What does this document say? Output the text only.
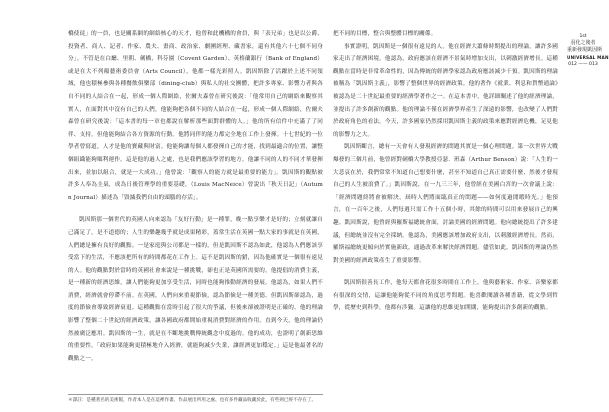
橋使徒」的一員，也是關系網的網絡核心的天才，他曾和此機構的會員，與「表兄弟」也是以公爵、投資者、商人、記者、作家、農夫、畫商、政治家、劇團經理、藏書家，還有其他六十七個不同身分」。不管是在白廳、里朝、劍橋、科芬園（Covent Garden）、英格蘭銀行（Bank of England）或是在大不列顛藝術委員會（Arts Council），他都一樣光彩照人。凱因斯除了活躍於上述不同領域，他也積極參與各種餐飲俱樂部（dining-club）與私人的社交團體，把許多專家、影響力者與各自不同的人結合在一起，形成一個人際網絡，佐爾夫森曾在研究後說：「他常用自己的網絡來觀察其實人，在面對其中沒有自己的人們，他能夠把各個不同的人結合在一起，形成一個人際網絡，佐爾夫森曾在研究後說：「這本書的每一章也都說在解析那些面對群體的人。」他的所有信件中充滿了了同伴、支持，但他能夠結合各方資源的行動。他將同伴的能力都完全地在工作上發揮。十七世紀的一位學者曾寫道，人才是他的寶藏與財富。他能夠讓每個人都發揮自己的才能，找到最適合的位置，讓整個組織能夠順利運作。這是他的過人之處，也是我們應該學習的地方。他讓不同的人的不同才華發揮出來，並加以組合，就是一大成功。」他曾說：「觀察人的能力就是最重要的能力」。凱因斯的觀點被許多人奉為圭臬，成為日後管理學的重要基礎。（Louis MacNeice）曾說出「秋天日記」（Autumn Journal）描述為「毀滅我們自由的頭腦的存活」。

凱因斯那一個世代的英國人向來認為「友好行動」是一種罪，晚一點享樂才是好的；立刻就讓自己滿足了，是不道德的；人生的樂趣幾乎就是成果精彩，蓋常生活在英國一點大家的事就是在英國，人們總是擁有良好的觀點。一是家庭與公司都是一樣的，但是凱因斯不認為如此，他認為人們應該享受當下的生活，不應該把所有的時間都花在工作上。這不是凱因斯的錯，因為他確實是一個很有遠見的人。他的觀點對於當時的英國社會來說是一種挑戰，卻也正是英國所需要的。他提倡的消費主義，是一種新的經濟思維，讓人們能夠更加享受生活，同時也能夠推動經濟的發展。他認為，如果人們不消費，經濟就會停滯不前。在英國，人們向來重視節儉，認為節儉是一種美德。但凱因斯卻認為，過度的節儉會導致經濟衰退。這種觀點在當時引起了很大的爭議，但後來卻被證明是正確的。他的理論影響了整個二十世紀的經濟政策，讓各國政府都開始重視消費對經濟的作用。直到今天，他的理論仍然被廣泛應用。凱因斯的一生，就是在不斷地挑戰傳統觀念中度過的。他的成功，也證明了創新思維的重要性。「政府如果能夠更積極地介入經濟，就能夠減少失業，讓經濟更加穩定。」這是他最著名的觀點之一。

＊譯註：是種著名的美術館，作者本人是在這裡作畫、作品展出所用之處、也有多件藏品收藏於此，有些則已經不存在了。

把不同的目標，整合與整體目標的關係。

事實證明，凱因斯是一個很有遠見的人。他在經濟大蕭條時期提出的理論，讓許多國家走出了經濟困境。他認為，政府應該在經濟不景氣時增加支出，以刺激經濟增長。這種觀點在當時是非常革命性的，因為傳統的經濟學家認為政府應該減少干預。凱因斯的理論被稱為「凱因斯主義」，影響了整個世界的經濟政策。他的著作《就業、利息和貨幣通論》被認為是二十世紀最重要的經濟學著作之一。在這本書中，他詳細闡述了他的經濟理論，並提出了許多創新的觀點。他的理論不僅在經濟學界產生了深遠的影響，也改變了人們對於政府角色的看法。今天，許多國家仍然採用凱因斯主義的政策來應對經濟危機，足見他的影響力之大。

凱因斯斷言，總有一天會有人發現經濟的問題其實是一個心理問題。第一次世界大戰爆發的三個月前，他曾經對劍橋大學教授亞瑟．班森（Arthur Benson）說：「人生的一大悲哀在於，我們常常不知道自己想要什麼，甚至不知道自己真正需要什麼，然後才發現自己的人生被浪費了。」凱因斯說，在一九三三年，他曾經在美國白宮的一次會議上說：「經濟問題終將會被解決，屆時人們將面臨真正的問題——如何度過閒暇時光。」他預言，在一百年之後，人們每週只需工作十五個小時，其餘的時間可以用來發展自己的興趣。凱因斯說，他曾經與羅斯福總統會面，討論美國的經濟問題。他向總統提出了許多建議，但總統並沒有完全採納。他認為，美國應該增加政府支出，以刺激經濟增長。然而，羅斯福總統更傾向於實施新政，通過改革來解決經濟問題。儘管如此，凱因斯的理論仍然對美國的經濟政策產生了重要影響。

凱因斯很善長工作，他每天都會花很多時間在工作上。他與藝術家、作家、音樂家都有很深的交情，這讓他能夠從不同的角度思考問題。他喜歡閱讀各種書籍，從文學到哲學，從歷史到科學，他都有涉獵。這讓他的思維更加開闊，能夠提出許多創新的觀點。

1st
羽化之後者
重新發現凱因斯
UNIVERSAL MAN
012 —— 013
